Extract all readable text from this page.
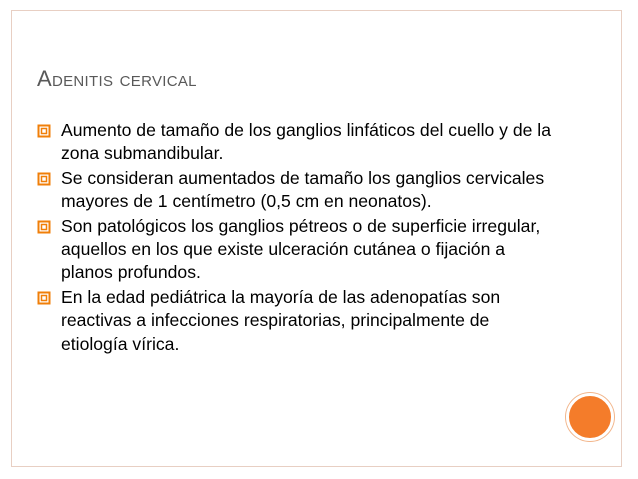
Adenitis cervical
Aumento de tamaño de los ganglios linfáticos del cuello y de la zona submandibular.
Se consideran aumentados de tamaño los ganglios cervicales mayores de 1 centímetro (0,5 cm en neonatos).
Son patológicos los ganglios pétreos o de superficie irregular, aquellos en los que existe ulceración cutánea o fijación a planos profundos.
En la edad pediátrica la mayoría de las adenopatías son reactivas a infecciones respiratorias, principalmente de etiología vírica.
